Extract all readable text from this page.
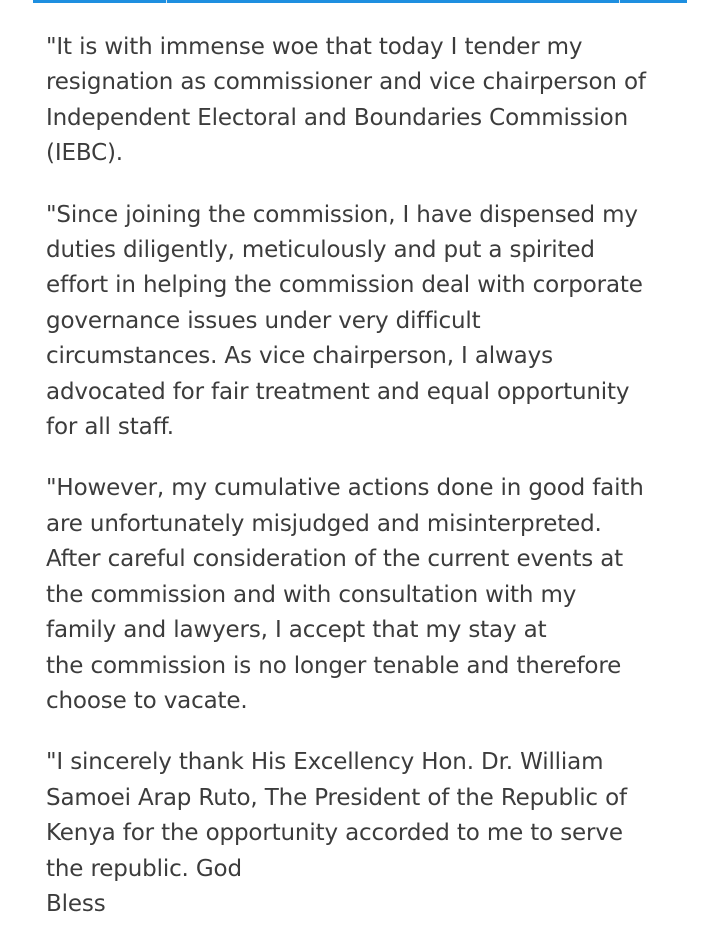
"It is with immense woe that today I tender my
resignation as commissioner and vice chairperson of
Independent Electoral and Boundaries Commission
(IEBC).

"Since joining the commission, I have dispensed my
duties diligently, meticulously and put a spirited
effort in helping the commission deal with corporate
governance issues under very difficult
circumstances. As vice chairperson, I always
advocated for fair treatment and equal opportunity
for all staff.

"However, my cumulative actions done in good faith
are unfortunately misjudged and misinterpreted.
After careful consideration of the current events at
the commission and with consultation with my
family and lawyers, I accept that my stay at
the commission is no longer tenable and therefore
choose to vacate.

"I sincerely thank His Excellency Hon. Dr. William
Samoei Arap Ruto, The President of the Republic of
Kenya for the opportunity accorded to me to serve
the republic. God
Bless
